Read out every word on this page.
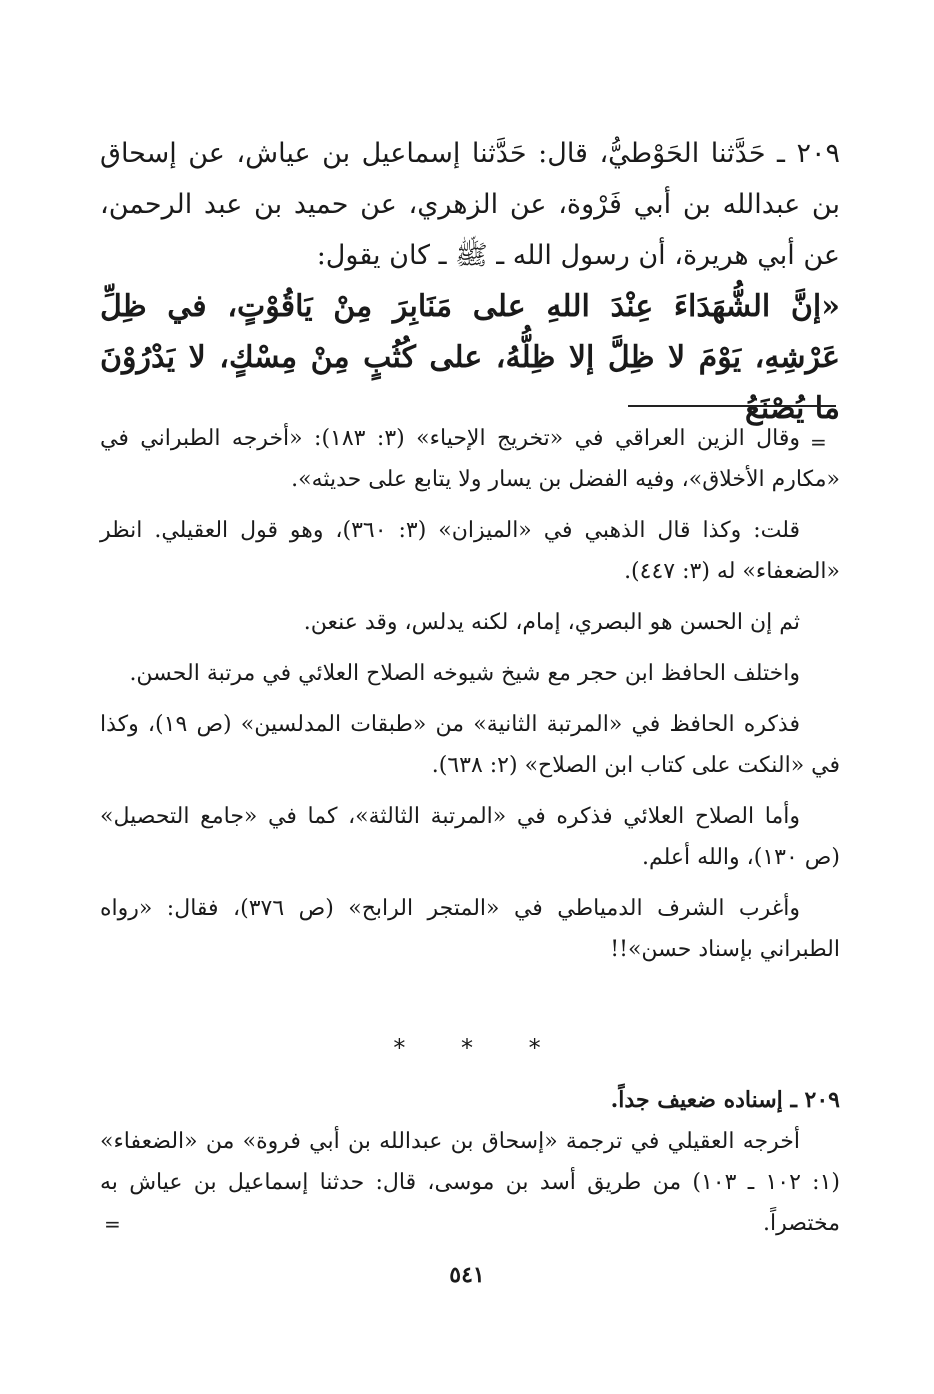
٢٠٩ ـ حَدَّثنا الحَوْطيُّ، قال: حَدَّثنا إسماعيل بن عياش، عن إسحاق بن عبدالله بن أبي فَرْوة، عن الزهري، عن حميد بن عبد الرحمن، عن أبي هريرة، أن رسول الله ـ ﷺ ـ كان يقول:

«إنَّ الشُّهَدَاءَ عِنْدَ اللهِ على مَنَابِرَ مِنْ يَاقُوْتٍ، في ظِلِّ عَرْشِهِ، يَوْمَ لا ظِلَّ إلا ظِلُّهُ، على كُثُبٍ مِنْ مِسْكٍ، لا يَدْرُوْنَ ما يُصْنَعُ

=

وقال الزين العراقي في «تخريج الإحياء» (٣: ١٨٣): «أخرجه الطبراني في «مكارم الأخلاق»، وفيه الفضل بن يسار ولا يتابع على حديثه».

قلت: وكذا قال الذهبي في «الميزان» (٣: ٣٦٠)، وهو قول العقيلي. انظر «الضعفاء» له (٣: ٤٤٧).

ثم إن الحسن هو البصري، إمام، لكنه يدلس، وقد عنعن.

واختلف الحافظ ابن حجر مع شيخ شيوخه الصلاح العلائي في مرتبة الحسن.

فذكره الحافظ في «المرتبة الثانية» من «طبقات المدلسين» (ص ١٩)، وكذا في «النكت على كتاب ابن الصلاح» (٢: ٦٣٨).

وأما الصلاح العلائي فذكره في «المرتبة الثالثة»، كما في «جامع التحصيل» (ص ١٣٠)، والله أعلم.

وأغرب الشرف الدمياطي في «المتجر الرابح» (ص ٣٧٦)، فقال: «رواه الطبراني بإسناد حسن»!!

* * *

٢٠٩ ـ إسناده ضعيف جداً.

أخرجه العقيلي في ترجمة «إسحاق بن عبدالله بن أبي فروة» من «الضعفاء» (١: ١٠٢ ـ ١٠٣) من طريق أسد بن موسى، قال: حدثنا إسماعيل بن عياش به مختصراً.

=
٥٤١
